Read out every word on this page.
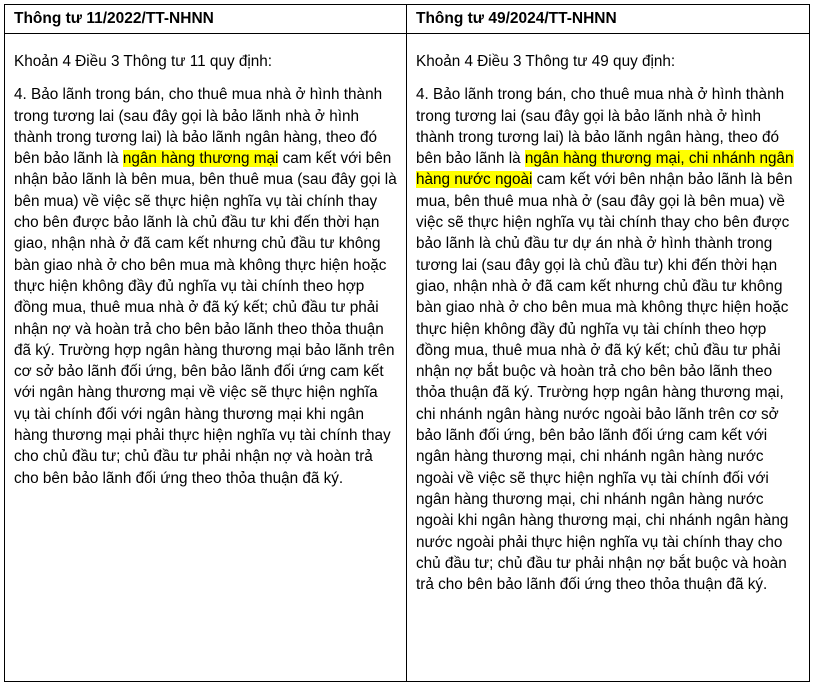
Thông tư 11/2022/TT-NHNN	Thông tư 49/2024/TT-NHNN

Khoản 4 Điều 3 Thông tư 11 quy định:

4. Bảo lãnh trong bán, cho thuê mua nhà ở hình thành trong tương lai (sau đây gọi là bảo lãnh nhà ở hình thành trong tương lai) là bảo lãnh ngân hàng, theo đó bên bảo lãnh là ngân hàng thương mại cam kết với bên nhận bảo lãnh là bên mua, bên thuê mua (sau đây gọi là bên mua) về việc sẽ thực hiện nghĩa vụ tài chính thay cho bên được bảo lãnh là chủ đầu tư khi đến thời hạn giao, nhận nhà ở đã cam kết nhưng chủ đầu tư không bàn giao nhà ở cho bên mua mà không thực hiện hoặc thực hiện không đầy đủ nghĩa vụ tài chính theo hợp đồng mua, thuê mua nhà ở đã ký kết; chủ đầu tư phải nhận nợ và hoàn trả cho bên bảo lãnh theo thỏa thuận đã ký. Trường hợp ngân hàng thương mại bảo lãnh trên cơ sở bảo lãnh đối ứng, bên bảo lãnh đối ứng cam kết với ngân hàng thương mại về việc sẽ thực hiện nghĩa vụ tài chính đối với ngân hàng thương mại khi ngân hàng thương mại phải thực hiện nghĩa vụ tài chính thay cho chủ đầu tư; chủ đầu tư phải nhận nợ và hoàn trả cho bên bảo lãnh đối ứng theo thỏa thuận đã ký.

Khoản 4 Điều 3 Thông tư 49 quy định:

4. Bảo lãnh trong bán, cho thuê mua nhà ở hình thành trong tương lai (sau đây gọi là bảo lãnh nhà ở hình thành trong tương lai) là bảo lãnh ngân hàng, theo đó bên bảo lãnh là ngân hàng thương mại, chi nhánh ngân hàng nước ngoài cam kết với bên nhận bảo lãnh là bên mua, bên thuê mua nhà ở (sau đây gọi là bên mua) về việc sẽ thực hiện nghĩa vụ tài chính thay cho bên được bảo lãnh là chủ đầu tư dự án nhà ở hình thành trong tương lai (sau đây gọi là chủ đầu tư) khi đến thời hạn giao, nhận nhà ở đã cam kết nhưng chủ đầu tư không bàn giao nhà ở cho bên mua mà không thực hiện hoặc thực hiện không đầy đủ nghĩa vụ tài chính theo hợp đồng mua, thuê mua nhà ở đã ký kết; chủ đầu tư phải nhận nợ bắt buộc và hoàn trả cho bên bảo lãnh theo thỏa thuận đã ký. Trường hợp ngân hàng thương mại, chi nhánh ngân hàng nước ngoài bảo lãnh trên cơ sở bảo lãnh đối ứng, bên bảo lãnh đối ứng cam kết với ngân hàng thương mại, chi nhánh ngân hàng nước ngoài về việc sẽ thực hiện nghĩa vụ tài chính đối với ngân hàng thương mại, chi nhánh ngân hàng nước ngoài khi ngân hàng thương mại, chi nhánh ngân hàng nước ngoài phải thực hiện nghĩa vụ tài chính thay cho chủ đầu tư; chủ đầu tư phải nhận nợ bắt buộc và hoàn trả cho bên bảo lãnh đối ứng theo thỏa thuận đã ký.
